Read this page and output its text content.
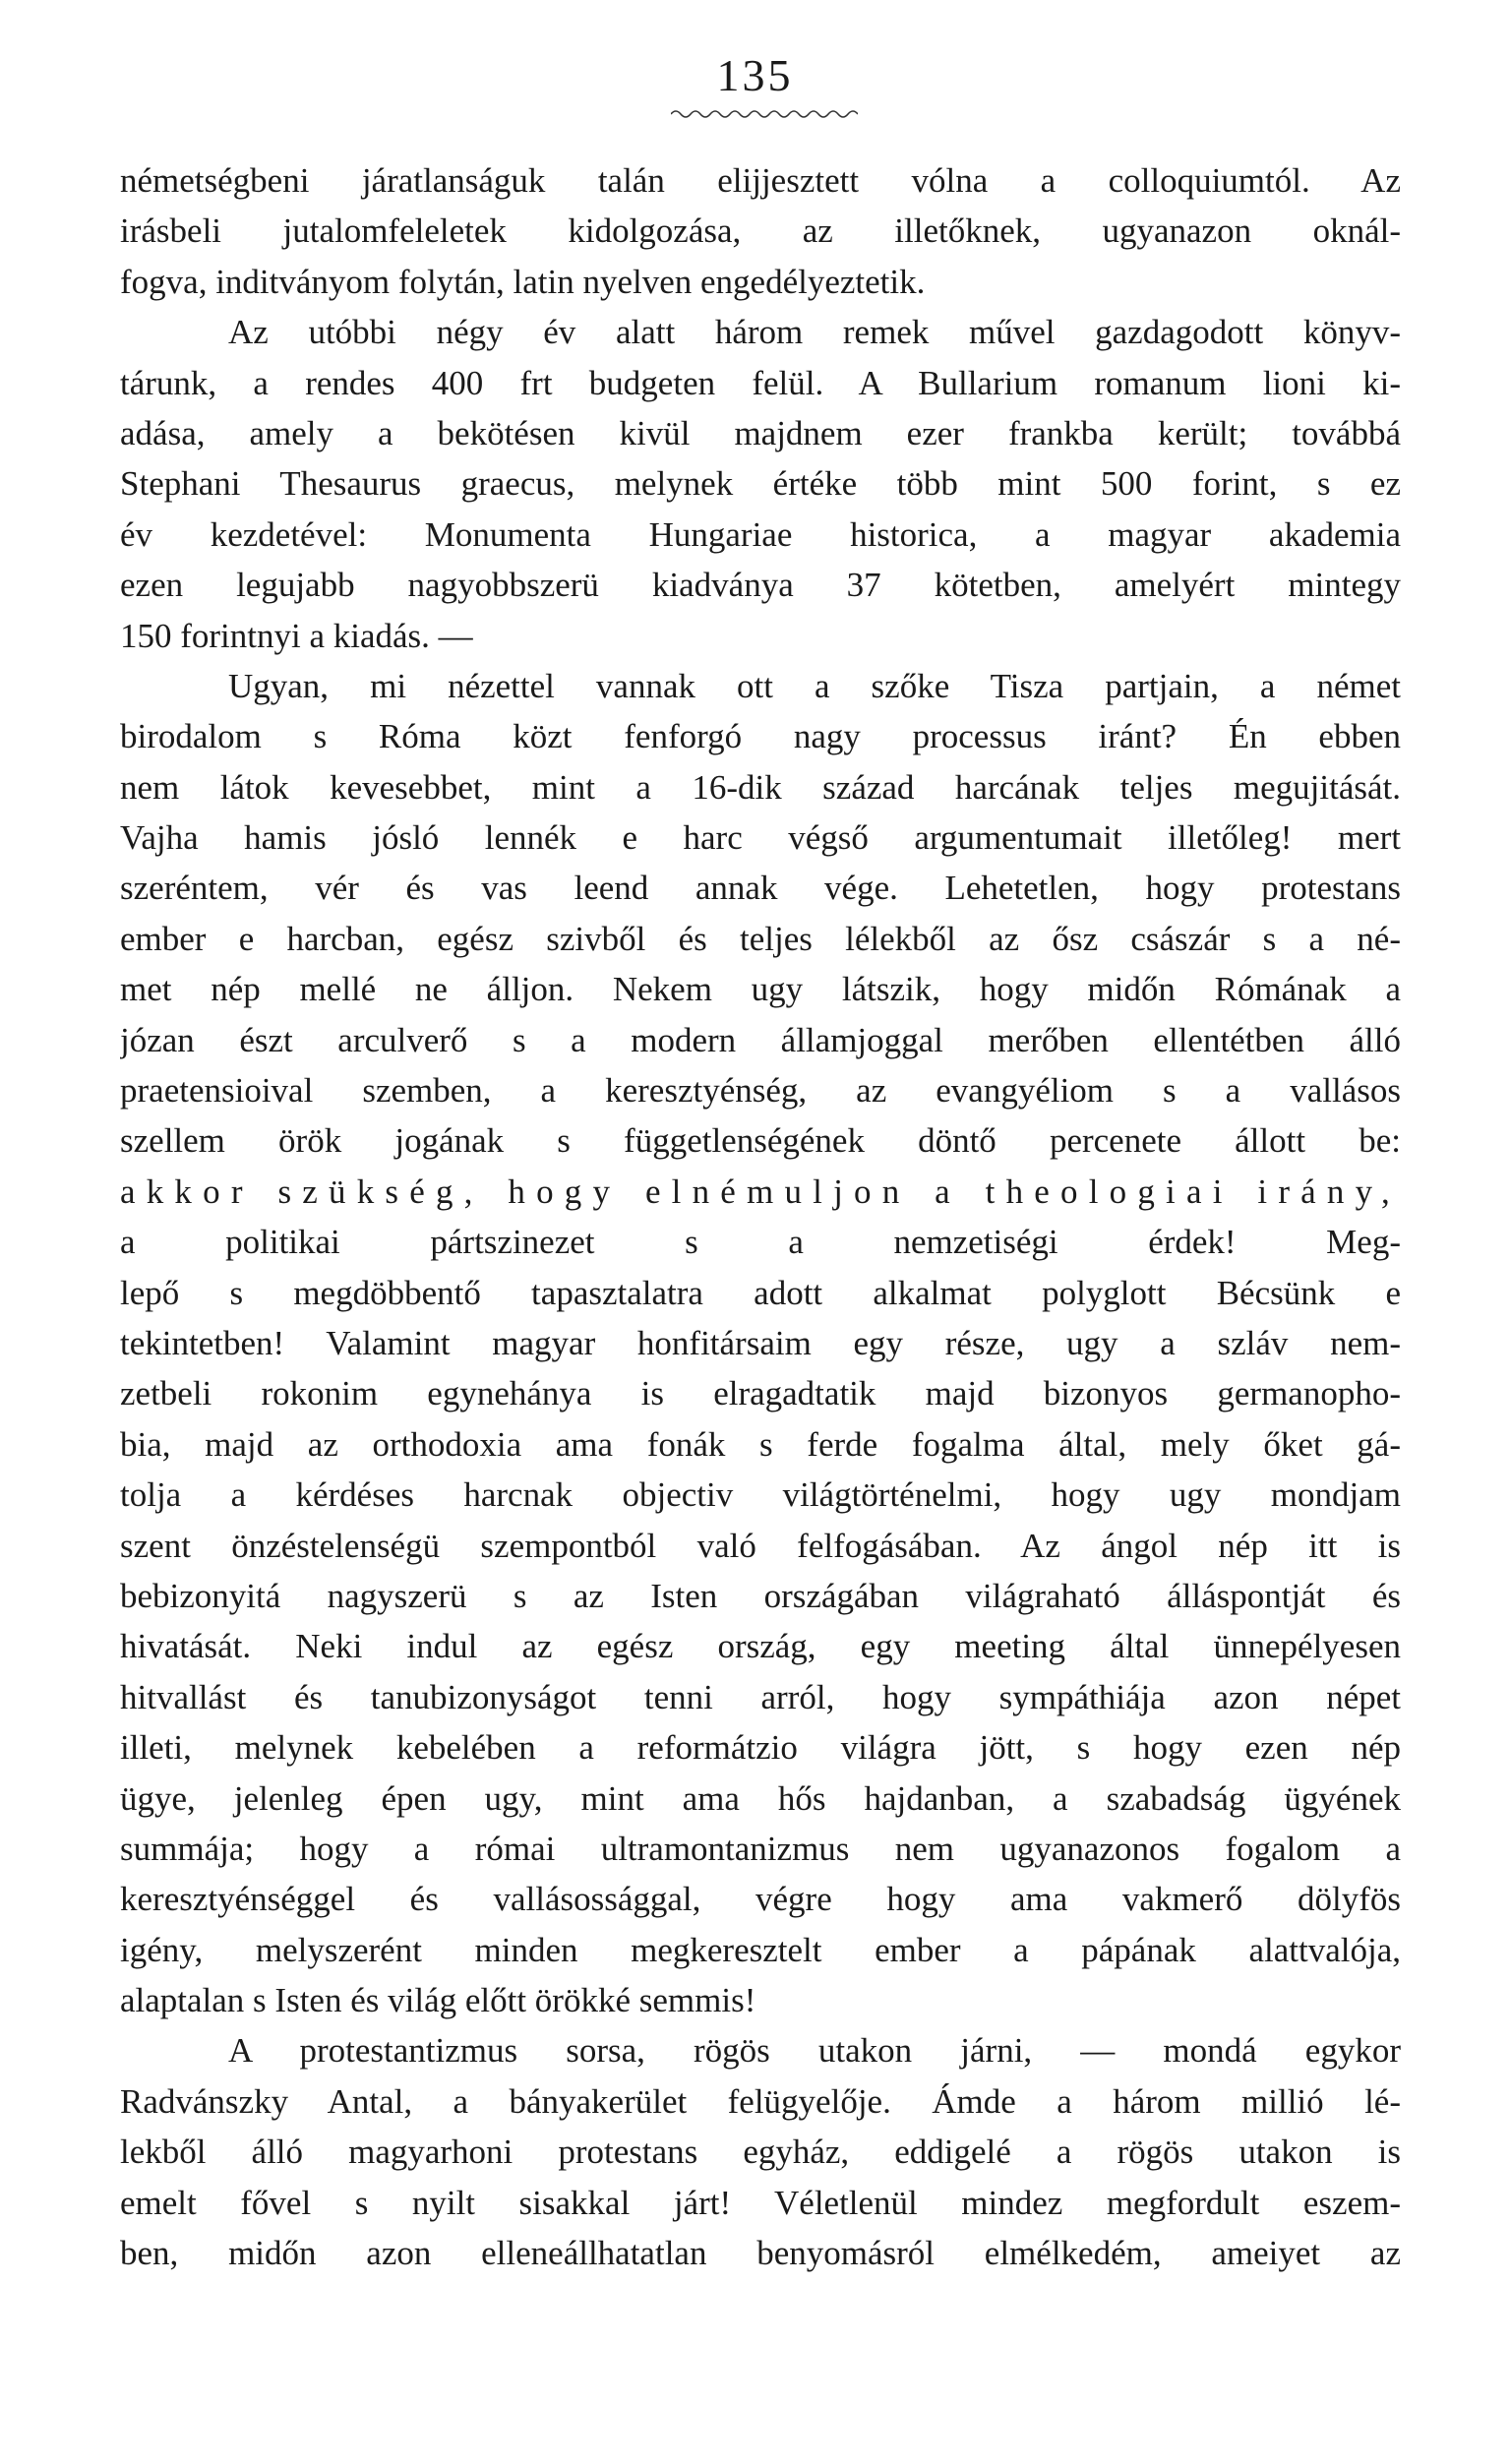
135
németségbeni járatlanságuk talán elijjesztett vólna a colloquiumtól. Az
irásbeli jutalomfeleletek kidolgozása, az illetőknek, ugyanazon oknál-
fogva, inditványom folytán, latin nyelven engedélyeztetik.
Az utóbbi négy év alatt három remek művel gazdagodott könyv-
tárunk, a rendes 400 frt budgeten felül. A Bullarium romanum lioni ki-
adása, amely a bekötésen kivül majdnem ezer frankba került; továbbá
Stephani Thesaurus graecus, melynek értéke több mint 500 forint, s ez
év kezdetével: Monumenta Hungariae historica, a magyar akademia
ezen legujabb nagyobbszerü kiadványa 37 kötetben, amelyért mintegy
150 forintnyi a kiadás. —
Ugyan, mi nézettel vannak ott a szőke Tisza partjain, a német
birodalom s Róma közt fenforgó nagy processus iránt? Én ebben
nem látok kevesebbet, mint a 16-dik század harcának teljes megujitását.
Vajha hamis jósló lennék e harc végső argumentumait illetőleg! mert
szeréntem, vér és vas leend annak vége. Lehetetlen, hogy protestans
ember e harcban, egész szivből és teljes lélekből az ősz császár s a né-
met nép mellé ne álljon. Nekem ugy látszik, hogy midőn Rómának a
józan észt arculverő s a modern államjoggal merőben ellentétben álló
praetensioival szemben, a keresztyénség, az evangyéliom s a vallásos
szellem örök jogának s függetlenségének döntő percenete állott be:
akkor szükség, hogy elnémuljon a theologiai irány,
a politikai pártszinezet s a nemzetiségi érdek! Meg-
lepő s megdöbbentő tapasztalatra adott alkalmat polyglott Bécsünk e
tekintetben! Valamint magyar honfitársaim egy része, ugy a szláv nem-
zetbeli rokonim egynehánya is elragadtatik majd bizonyos germanopho-
bia, majd az orthodoxia ama fonák s ferde fogalma által, mely őket gá-
tolja a kérdéses harcnak objectiv világtörténelmi, hogy ugy mondjam
szent önzéstelenségü szempontból való felfogásában. Az ángol nép itt is
bebizonyitá nagyszerü s az Isten országában világraható álláspontját és
hivatását. Neki indul az egész ország, egy meeting által ünnepélyesen
hitvallást és tanubizonyságot tenni arról, hogy sympáthiája azon népet
illeti, melynek kebelében a reformátzio világra jött, s hogy ezen nép
ügye, jelenleg épen ugy, mint ama hős hajdanban, a szabadság ügyének
summája; hogy a római ultramontanizmus nem ugyanazonos fogalom a
keresztyénséggel és vallásossággal, végre hogy ama vakmerő dölyfös
igény, melyszerént minden megkeresztelt ember a pápának alattvalója,
alaptalan s Isten és világ előtt örökké semmis!
A protestantizmus sorsa, rögös utakon járni, — mondá egykor
Radvánszky Antal, a bányakerület felügyelője. Ámde a három millió lé-
lekből álló magyarhoni protestans egyház, eddigelé a rögös utakon is
emelt fővel s nyilt sisakkal járt! Véletlenül mindez megfordult eszem-
ben, midőn azon elleneállhatatlan benyomásról elmélkedém, ameiyet az
